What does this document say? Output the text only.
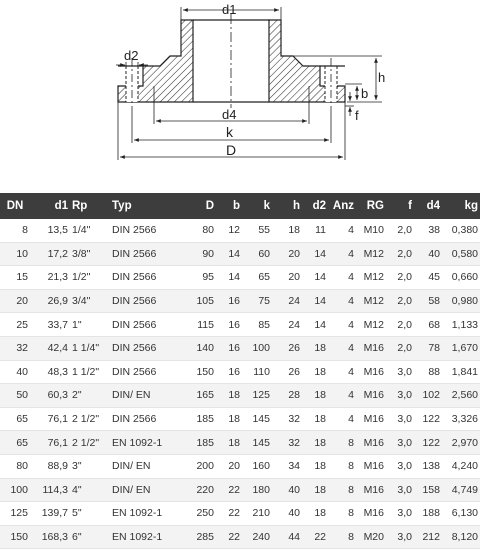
d1
d2
h
b
f
d4
k
D
DN	d1	Rp	Typ	D	b	k	h	d2	Anz	RG	f	d4	kg
8	13,5	1/4"	DIN 2566	80	12	55	18	11	4	M10	2,0	38	0,380
10	17,2	3/8"	DIN 2566	90	14	60	20	14	4	M12	2,0	40	0,580
15	21,3	1/2"	DIN 2566	95	14	65	20	14	4	M12	2,0	45	0,660
20	26,9	3/4"	DIN 2566	105	16	75	24	14	4	M12	2,0	58	0,980
25	33,7	1"	DIN 2566	115	16	85	24	14	4	M12	2,0	68	1,133
32	42,4	1 1/4"	DIN 2566	140	16	100	26	18	4	M16	2,0	78	1,670
40	48,3	1 1/2"	DIN 2566	150	16	110	26	18	4	M16	3,0	88	1,841
50	60,3	2"	DIN/ EN	165	18	125	28	18	4	M16	3,0	102	2,560
65	76,1	2 1/2"	DIN 2566	185	18	145	32	18	4	M16	3,0	122	3,326
65	76,1	2 1/2"	EN 1092-1	185	18	145	32	18	8	M16	3,0	122	2,970
80	88,9	3"	DIN/ EN	200	20	160	34	18	8	M16	3,0	138	4,240
100	114,3	4"	DIN/ EN	220	22	180	40	18	8	M16	3,0	158	4,749
125	139,7	5"	EN 1092-1	250	22	210	40	18	8	M16	3,0	188	6,130
150	168,3	6"	EN 1092-1	285	22	240	44	22	8	M20	3,0	212	8,120
